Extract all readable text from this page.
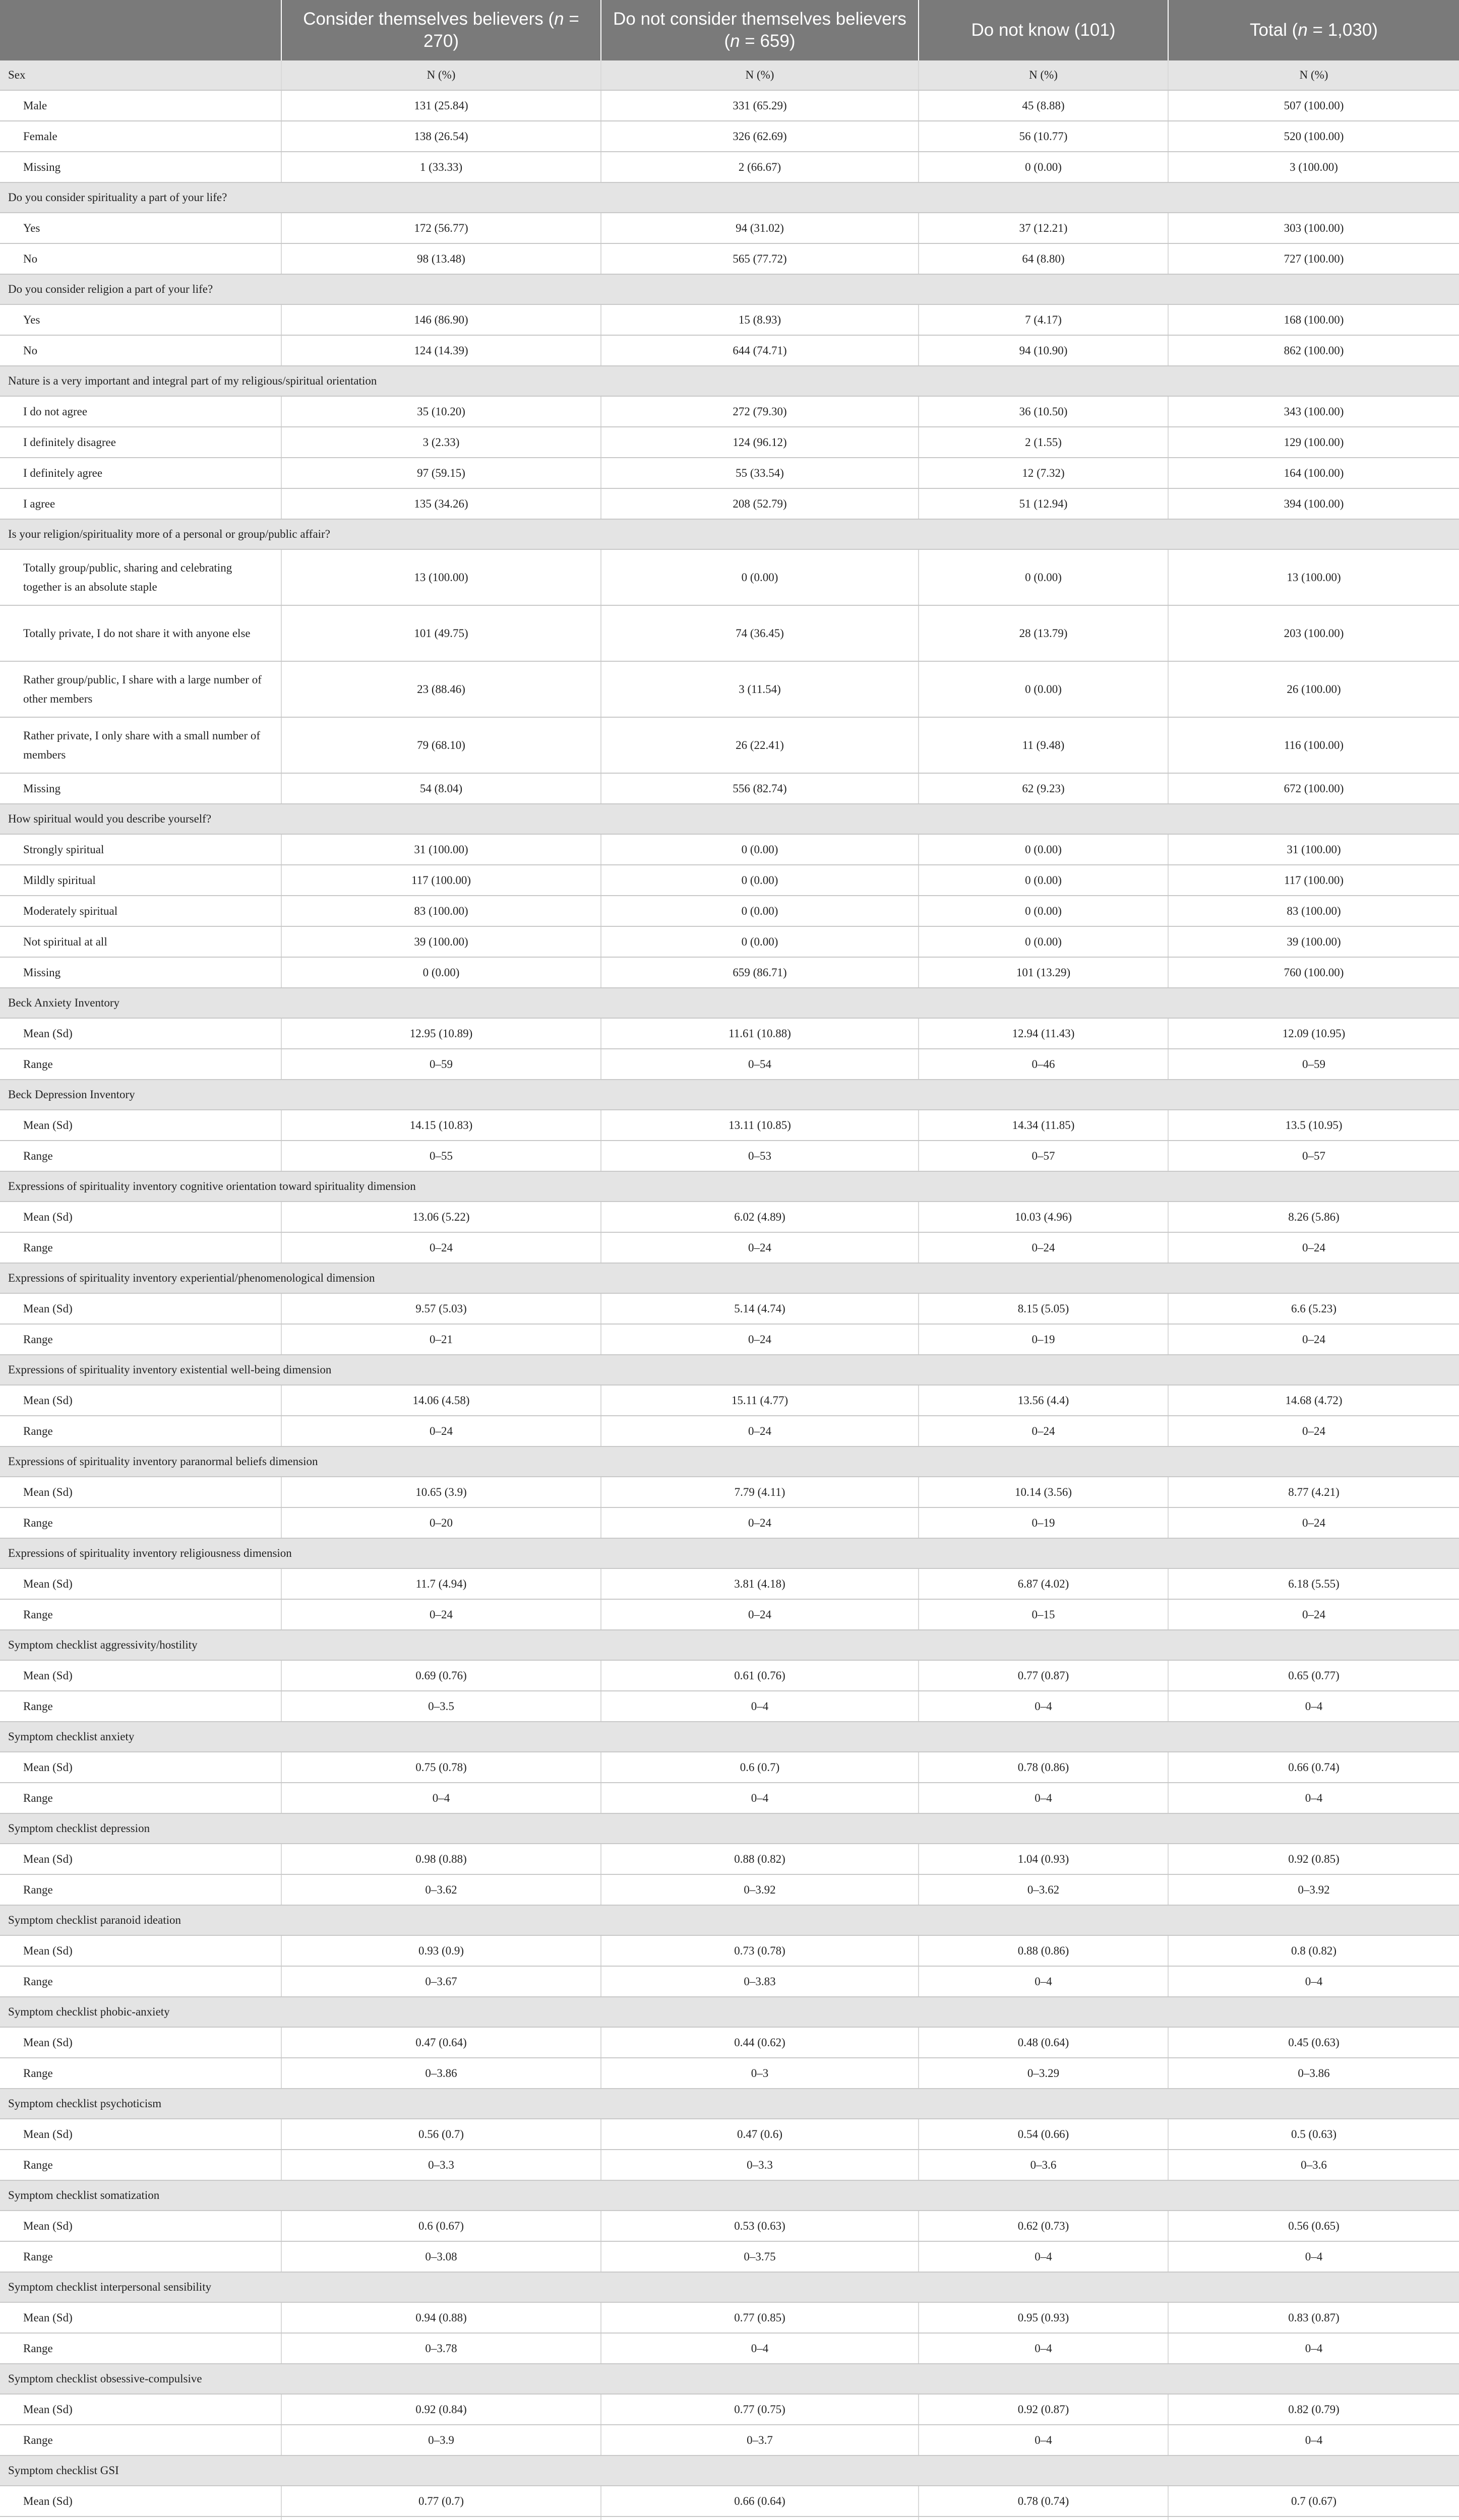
	Consider themselves believers (n = 270)	Do not consider themselves believers (n = 659)	Do not know (101)	Total (n = 1,030)
Sex	N (%)	N (%)	N (%)	N (%)
Male	131 (25.84)	331 (65.29)	45 (8.88)	507 (100.00)
Female	138 (26.54)	326 (62.69)	56 (10.77)	520 (100.00)
Missing	1 (33.33)	2 (66.67)	0 (0.00)	3 (100.00)
Do you consider spirituality a part of your life?				
Yes	172 (56.77)	94 (31.02)	37 (12.21)	303 (100.00)
No	98 (13.48)	565 (77.72)	64 (8.80)	727 (100.00)
Do you consider religion a part of your life?				
Yes	146 (86.90)	15 (8.93)	7 (4.17)	168 (100.00)
No	124 (14.39)	644 (74.71)	94 (10.90)	862 (100.00)
Nature is a very important and integral part of my religious/spiritual orientation				
I do not agree	35 (10.20)	272 (79.30)	36 (10.50)	343 (100.00)
I definitely disagree	3 (2.33)	124 (96.12)	2 (1.55)	129 (100.00)
I definitely agree	97 (59.15)	55 (33.54)	12 (7.32)	164 (100.00)
I agree	135 (34.26)	208 (52.79)	51 (12.94)	394 (100.00)
Is your religion/spirituality more of a personal or group/public affair?				
Totally group/public, sharing and celebrating together is an absolute staple	13 (100.00)	0 (0.00)	0 (0.00)	13 (100.00)
Totally private, I do not share it with anyone else	101 (49.75)	74 (36.45)	28 (13.79)	203 (100.00)
Rather group/public, I share with a large number of other members	23 (88.46)	3 (11.54)	0 (0.00)	26 (100.00)
Rather private, I only share with a small number of members	79 (68.10)	26 (22.41)	11 (9.48)	116 (100.00)
Missing	54 (8.04)	556 (82.74)	62 (9.23)	672 (100.00)
How spiritual would you describe yourself?				
Strongly spiritual	31 (100.00)	0 (0.00)	0 (0.00)	31 (100.00)
Mildly spiritual	117 (100.00)	0 (0.00)	0 (0.00)	117 (100.00)
Moderately spiritual	83 (100.00)	0 (0.00)	0 (0.00)	83 (100.00)
Not spiritual at all	39 (100.00)	0 (0.00)	0 (0.00)	39 (100.00)
Missing	0 (0.00)	659 (86.71)	101 (13.29)	760 (100.00)
Beck Anxiety Inventory				
Mean (Sd)	12.95 (10.89)	11.61 (10.88)	12.94 (11.43)	12.09 (10.95)
Range	0–59	0–54	0–46	0–59
Beck Depression Inventory				
Mean (Sd)	14.15 (10.83)	13.11 (10.85)	14.34 (11.85)	13.5 (10.95)
Range	0–55	0–53	0–57	0–57
Expressions of spirituality inventory cognitive orientation toward spirituality dimension				
Mean (Sd)	13.06 (5.22)	6.02 (4.89)	10.03 (4.96)	8.26 (5.86)
Range	0–24	0–24	0–24	0–24
Expressions of spirituality inventory experiential/phenomenological dimension				
Mean (Sd)	9.57 (5.03)	5.14 (4.74)	8.15 (5.05)	6.6 (5.23)
Range	0–21	0–24	0–19	0–24
Expressions of spirituality inventory existential well-being dimension				
Mean (Sd)	14.06 (4.58)	15.11 (4.77)	13.56 (4.4)	14.68 (4.72)
Range	0–24	0–24	0–24	0–24
Expressions of spirituality inventory paranormal beliefs dimension				
Mean (Sd)	10.65 (3.9)	7.79 (4.11)	10.14 (3.56)	8.77 (4.21)
Range	0–20	0–24	0–19	0–24
Expressions of spirituality inventory religiousness dimension				
Mean (Sd)	11.7 (4.94)	3.81 (4.18)	6.87 (4.02)	6.18 (5.55)
Range	0–24	0–24	0–15	0–24
Symptom checklist aggressivity/hostility				
Mean (Sd)	0.69 (0.76)	0.61 (0.76)	0.77 (0.87)	0.65 (0.77)
Range	0–3.5	0–4	0–4	0–4
Symptom checklist anxiety				
Mean (Sd)	0.75 (0.78)	0.6 (0.7)	0.78 (0.86)	0.66 (0.74)
Range	0–4	0–4	0–4	0–4
Symptom checklist depression				
Mean (Sd)	0.98 (0.88)	0.88 (0.82)	1.04 (0.93)	0.92 (0.85)
Range	0–3.62	0–3.92	0–3.62	0–3.92
Symptom checklist paranoid ideation				
Mean (Sd)	0.93 (0.9)	0.73 (0.78)	0.88 (0.86)	0.8 (0.82)
Range	0–3.67	0–3.83	0–4	0–4
Symptom checklist phobic-anxiety				
Mean (Sd)	0.47 (0.64)	0.44 (0.62)	0.48 (0.64)	0.45 (0.63)
Range	0–3.86	0–3	0–3.29	0–3.86
Symptom checklist psychoticism				
Mean (Sd)	0.56 (0.7)	0.47 (0.6)	0.54 (0.66)	0.5 (0.63)
Range	0–3.3	0–3.3	0–3.6	0–3.6
Symptom checklist somatization				
Mean (Sd)	0.6 (0.67)	0.53 (0.63)	0.62 (0.73)	0.56 (0.65)
Range	0–3.08	0–3.75	0–4	0–4
Symptom checklist interpersonal sensibility				
Mean (Sd)	0.94 (0.88)	0.77 (0.85)	0.95 (0.93)	0.83 (0.87)
Range	0–3.78	0–4	0–4	0–4
Symptom checklist obsessive-compulsive				
Mean (Sd)	0.92 (0.84)	0.77 (0.75)	0.92 (0.87)	0.82 (0.79)
Range	0–3.9	0–3.7	0–4	0–4
Symptom checklist GSI				
Mean (Sd)	0.77 (0.7)	0.66 (0.64)	0.78 (0.74)	0.7 (0.67)
